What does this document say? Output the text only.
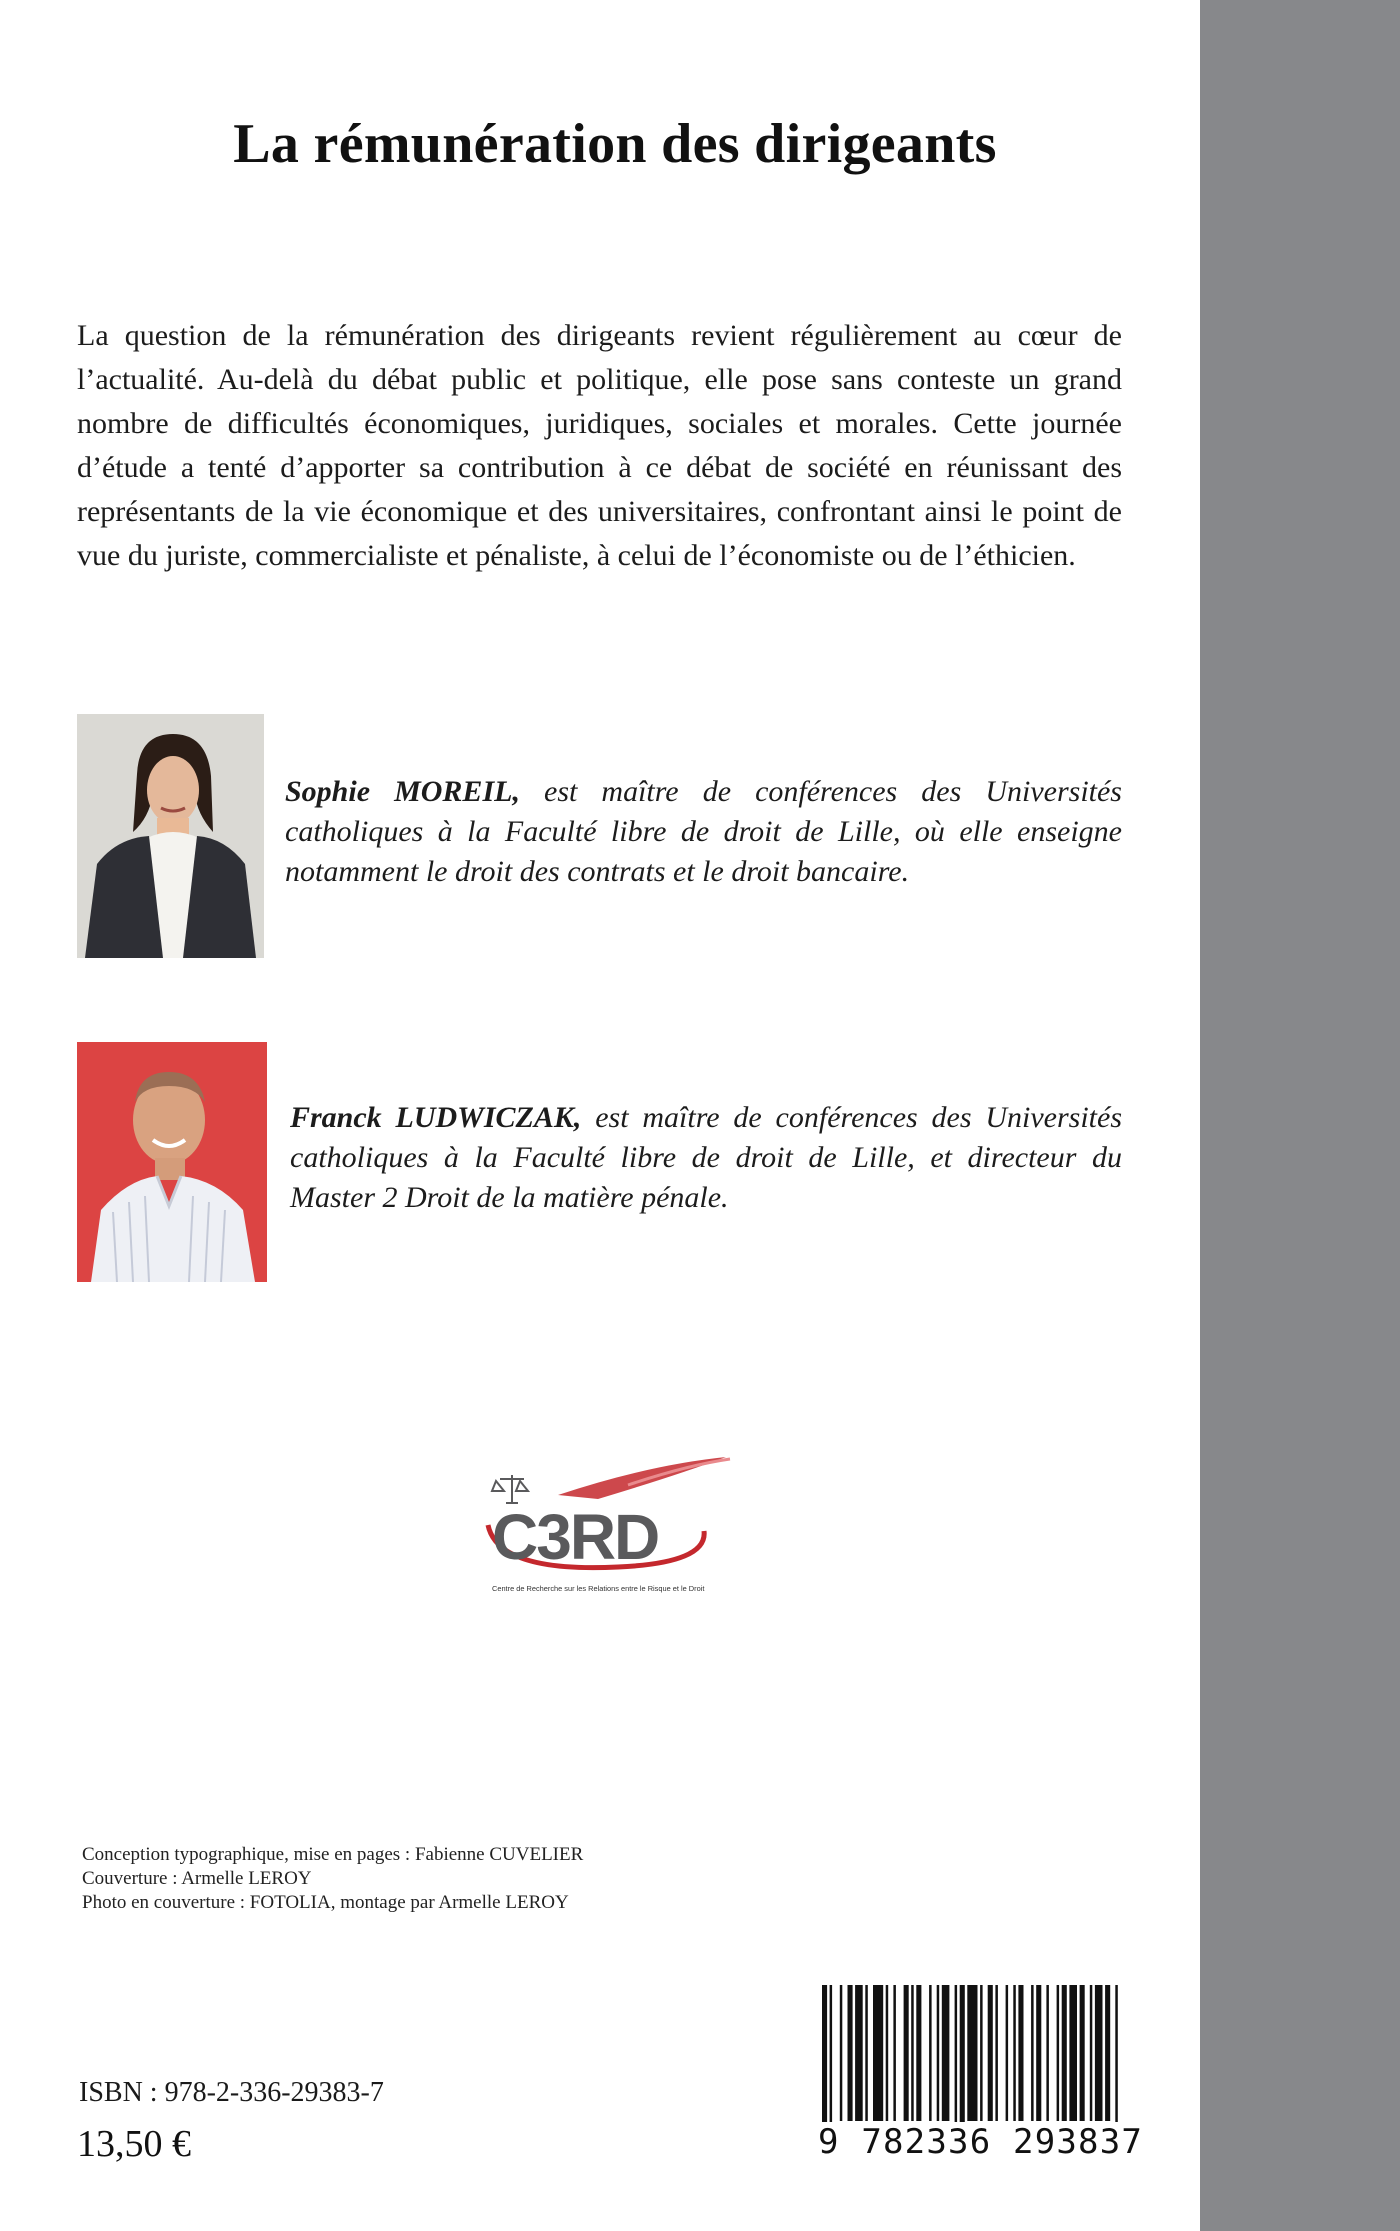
La rémunération des dirigeants

La question de la rémunération des dirigeants revient régulièrement au cœur de l’actualité. Au-delà du débat public et politique, elle pose sans conteste un grand nombre de difficultés économiques, juridiques, sociales et morales. Cette journée d’étude a tenté d’apporter sa contribution à ce débat de société en réunissant des représentants de la vie économique et des universitaires, confrontant ainsi le point de vue du juriste, commercialiste et pénaliste, à celui de l’économiste ou de l’éthicien.

Sophie MOREIL, est maître de conférences des Universités catholiques à la Faculté libre de droit de Lille, où elle enseigne notamment le droit des contrats et le droit bancaire.

Franck LUDWICZAK, est maître de conférences des Universités catholiques à la Faculté libre de droit de Lille, et directeur du Master 2 Droit de la matière pénale.

C3RD
Centre de Recherche sur les Relations entre le Risque et le Droit
Conception typographique, mise en pages : Fabienne CUVELIER
Couverture : Armelle LEROY
Photo en couverture : FOTOLIA, montage par Armelle LEROY
ISBN : 978-2-336-29383-7
13,50 €	9 782336 293837
